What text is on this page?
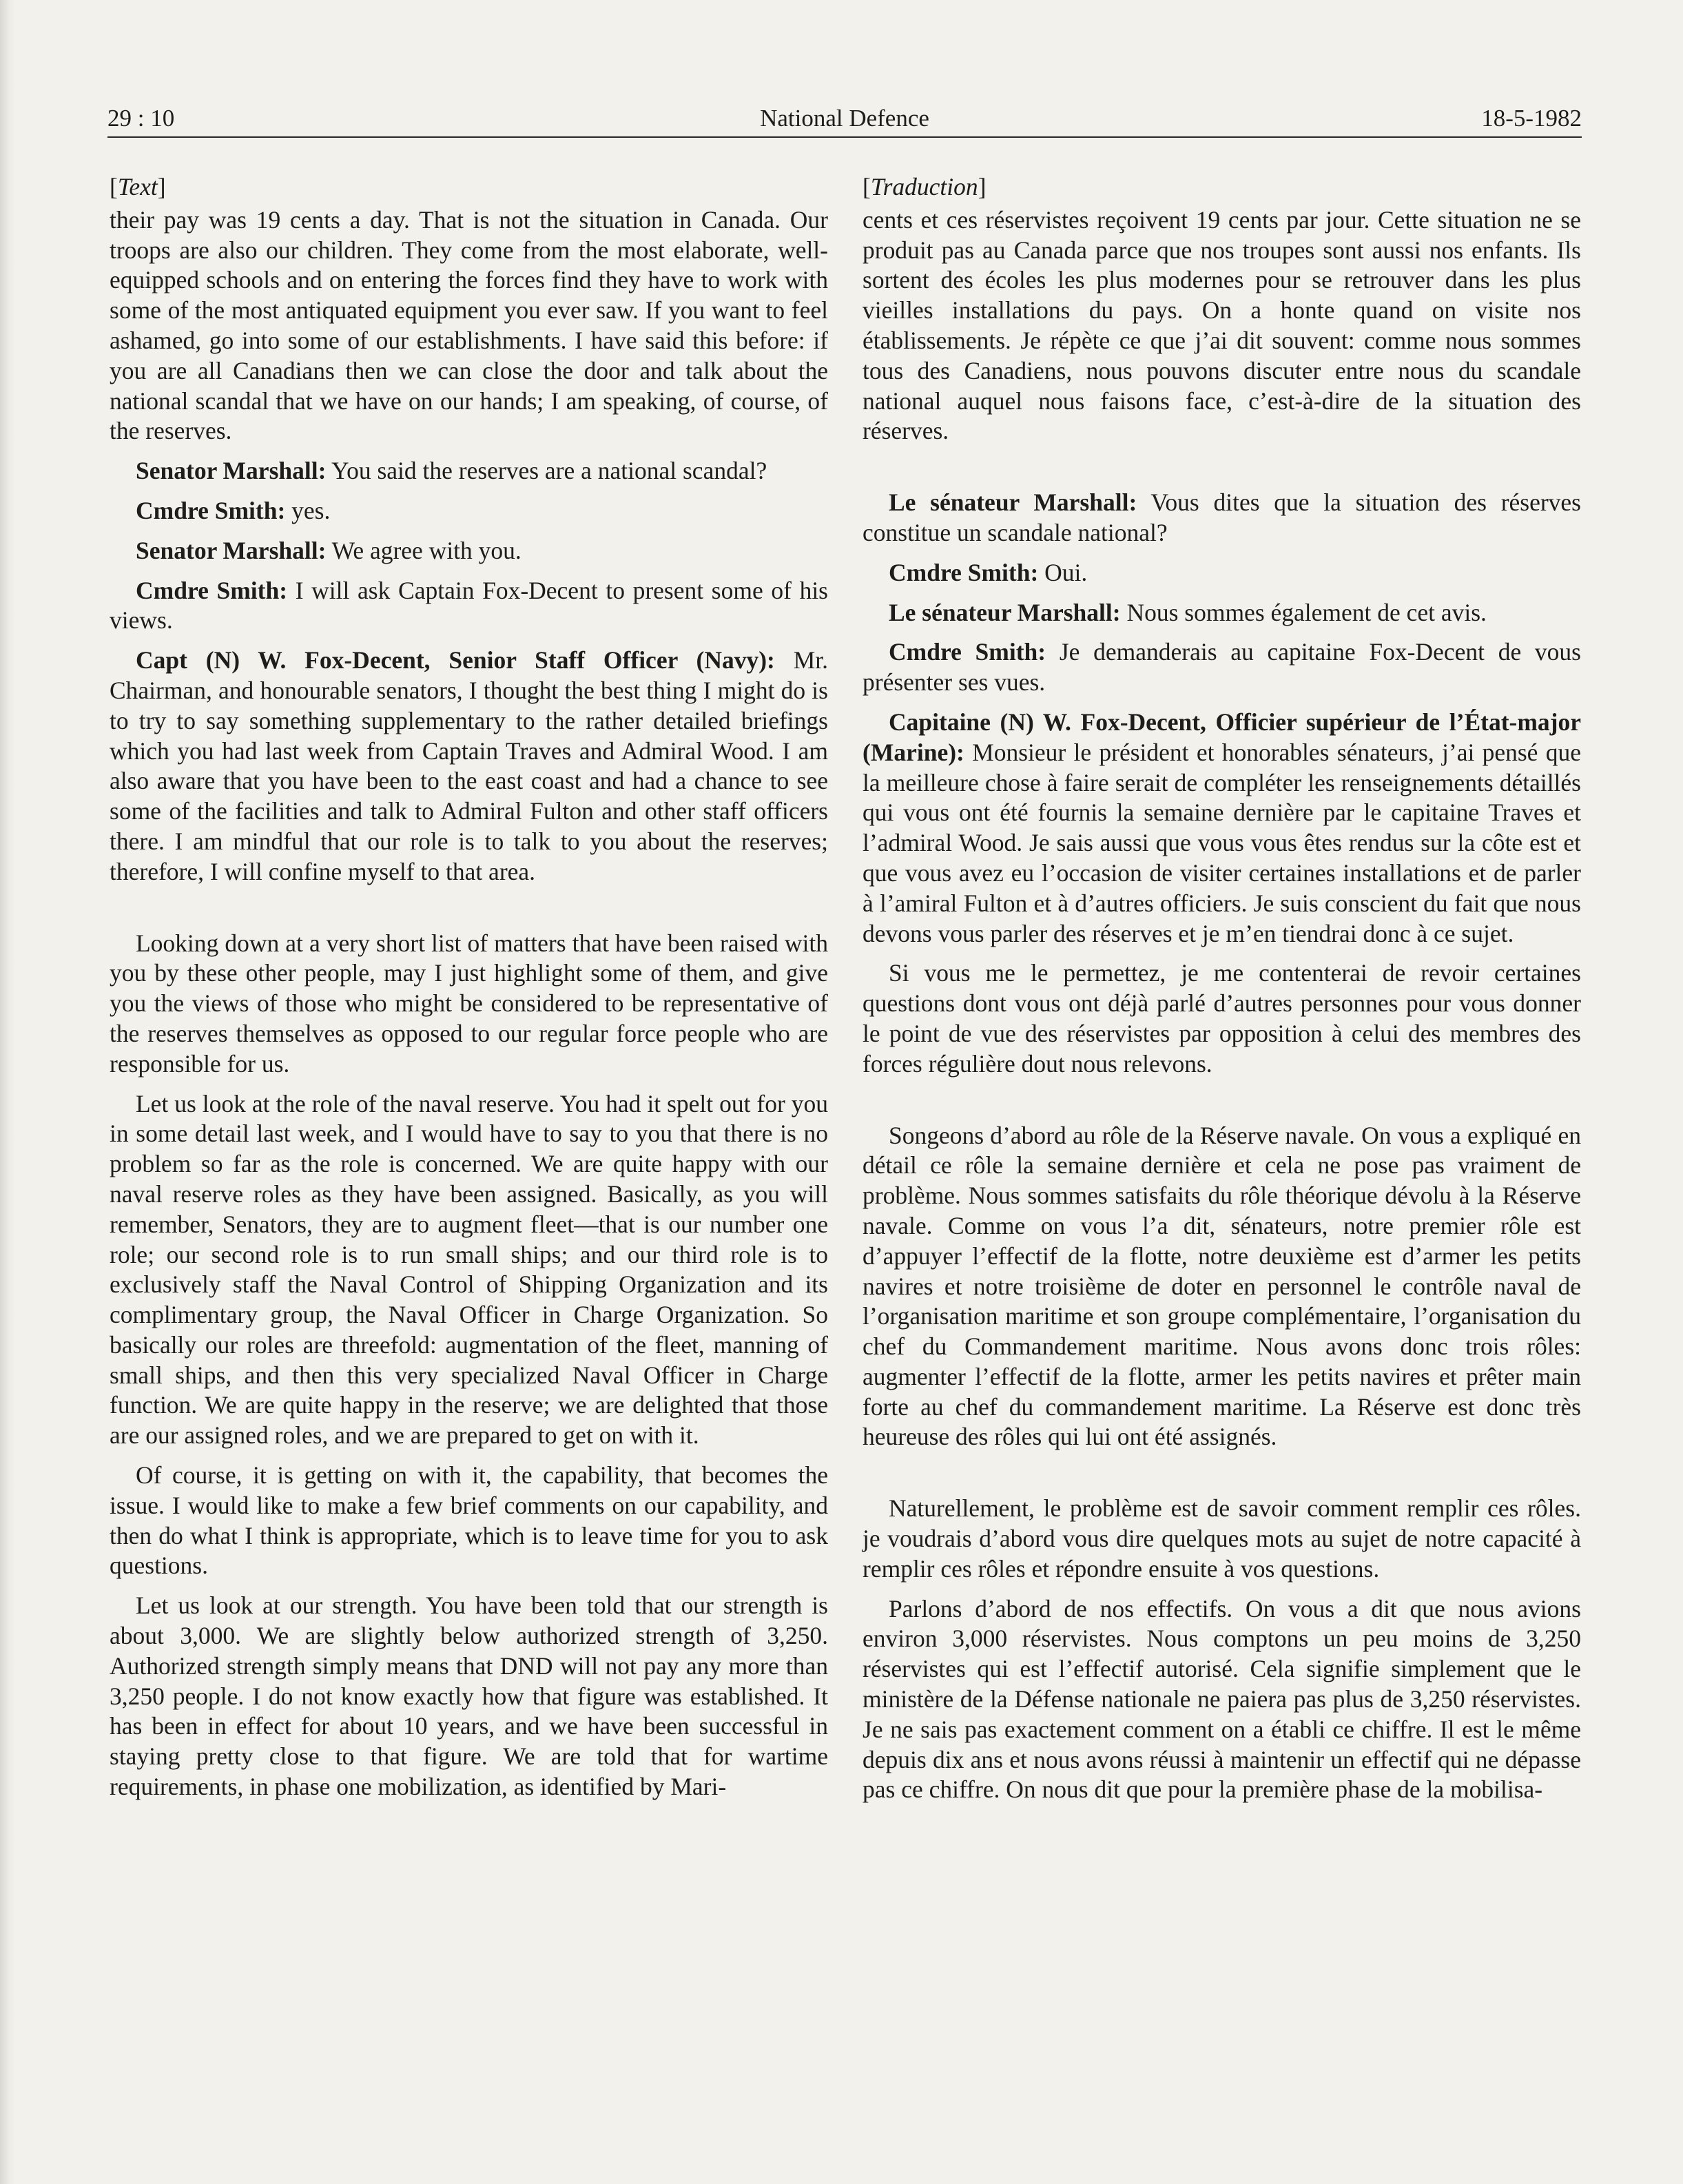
29 : 10	National Defence	18-5-1982
[Text]

their pay was 19 cents a day. That is not the situation in Canada. Our troops are also our children. They come from the most elaborate, well-equipped schools and on entering the forces find they have to work with some of the most antiquated equipment you ever saw. If you want to feel ashamed, go into some of our establishments. I have said this before: if you are all Canadians then we can close the door and talk about the national scandal that we have on our hands; I am speaking, of course, of the reserves.

Senator Marshall: You said the reserves are a national scandal?

Cmdre Smith: yes.

Senator Marshall: We agree with you.

Cmdre Smith: I will ask Captain Fox-Decent to present some of his views.

Capt (N) W. Fox-Decent, Senior Staff Officer (Navy): Mr. Chairman, and honourable senators, I thought the best thing I might do is to try to say something supplementary to the rather detailed briefings which you had last week from Captain Traves and Admiral Wood. I am also aware that you have been to the east coast and had a chance to see some of the facilities and talk to Admiral Fulton and other staff officers there. I am mindful that our role is to talk to you about the reserves; therefore, I will confine myself to that area.

Looking down at a very short list of matters that have been raised with you by these other people, may I just highlight some of them, and give you the views of those who might be considered to be representative of the reserves themselves as opposed to our regular force people who are responsible for us.

Let us look at the role of the naval reserve. You had it spelt out for you in some detail last week, and I would have to say to you that there is no problem so far as the role is concerned. We are quite happy with our naval reserve roles as they have been assigned. Basically, as you will remember, Senators, they are to augment fleet—that is our number one role; our second role is to run small ships; and our third role is to exclusively staff the Naval Control of Shipping Organization and its complimentary group, the Naval Officer in Charge Organization. So basically our roles are threefold: augmentation of the fleet, manning of small ships, and then this very specialized Naval Officer in Charge function. We are quite happy in the reserve; we are delighted that those are our assigned roles, and we are prepared to get on with it.

Of course, it is getting on with it, the capability, that becomes the issue. I would like to make a few brief comments on our capability, and then do what I think is appropriate, which is to leave time for you to ask questions.

Let us look at our strength. You have been told that our strength is about 3,000. We are slightly below authorized strength of 3,250. Authorized strength simply means that DND will not pay any more than 3,250 people. I do not know exactly how that figure was established. It has been in effect for about 10 years, and we have been successful in staying pretty close to that figure. We are told that for wartime requirements, in phase one mobilization, as identified by Mari-

[Traduction]

cents et ces réservistes reçoivent 19 cents par jour. Cette situation ne se produit pas au Canada parce que nos troupes sont aussi nos enfants. Ils sortent des écoles les plus modernes pour se retrouver dans les plus vieilles installations du pays. On a honte quand on visite nos établissements. Je répète ce que j’ai dit souvent: comme nous sommes tous des Canadiens, nous pouvons discuter entre nous du scandale national auquel nous faisons face, c’est-à-dire de la situation des réserves.

Le sénateur Marshall: Vous dites que la situation des réserves constitue un scandale national?

Cmdre Smith: Oui.

Le sénateur Marshall: Nous sommes également de cet avis.

Cmdre Smith: Je demanderais au capitaine Fox-Decent de vous présenter ses vues.

Capitaine (N) W. Fox-Decent, Officier supérieur de l’État-major (Marine): Monsieur le président et honorables sénateurs, j’ai pensé que la meilleure chose à faire serait de compléter les renseignements détaillés qui vous ont été fournis la semaine dernière par le capitaine Traves et l’admiral Wood. Je sais aussi que vous vous êtes rendus sur la côte est et que vous avez eu l’occasion de visiter certaines installations et de parler à l’amiral Fulton et à d’autres officiers. Je suis conscient du fait que nous devons vous parler des réserves et je m’en tiendrai donc à ce sujet.

Si vous me le permettez, je me contenterai de revoir certaines questions dont vous ont déjà parlé d’autres personnes pour vous donner le point de vue des réservistes par opposition à celui des membres des forces régulière dout nous relevons.

Songeons d’abord au rôle de la Réserve navale. On vous a expliqué en détail ce rôle la semaine dernière et cela ne pose pas vraiment de problème. Nous sommes satisfaits du rôle théorique dévolu à la Réserve navale. Comme on vous l’a dit, sénateurs, notre premier rôle est d’appuyer l’effectif de la flotte, notre deuxième est d’armer les petits navires et notre troisième de doter en personnel le contrôle naval de l’organisation maritime et son groupe complémentaire, l’organisation du chef du Commandement maritime. Nous avons donc trois rôles: augmenter l’effectif de la flotte, armer les petits navires et prêter main forte au chef du commandement maritime. La Réserve est donc très heureuse des rôles qui lui ont été assignés.

Naturellement, le problème est de savoir comment remplir ces rôles. je voudrais d’abord vous dire quelques mots au sujet de notre capacité à remplir ces rôles et répondre ensuite à vos questions.

Parlons d’abord de nos effectifs. On vous a dit que nous avions environ 3,000 réservistes. Nous comptons un peu moins de 3,250 réservistes qui est l’effectif autorisé. Cela signifie simplement que le ministère de la Défense nationale ne paiera pas plus de 3,250 réservistes. Je ne sais pas exactement comment on a établi ce chiffre. Il est le même depuis dix ans et nous avons réussi à maintenir un effectif qui ne dépasse pas ce chiffre. On nous dit que pour la première phase de la mobilisa-
